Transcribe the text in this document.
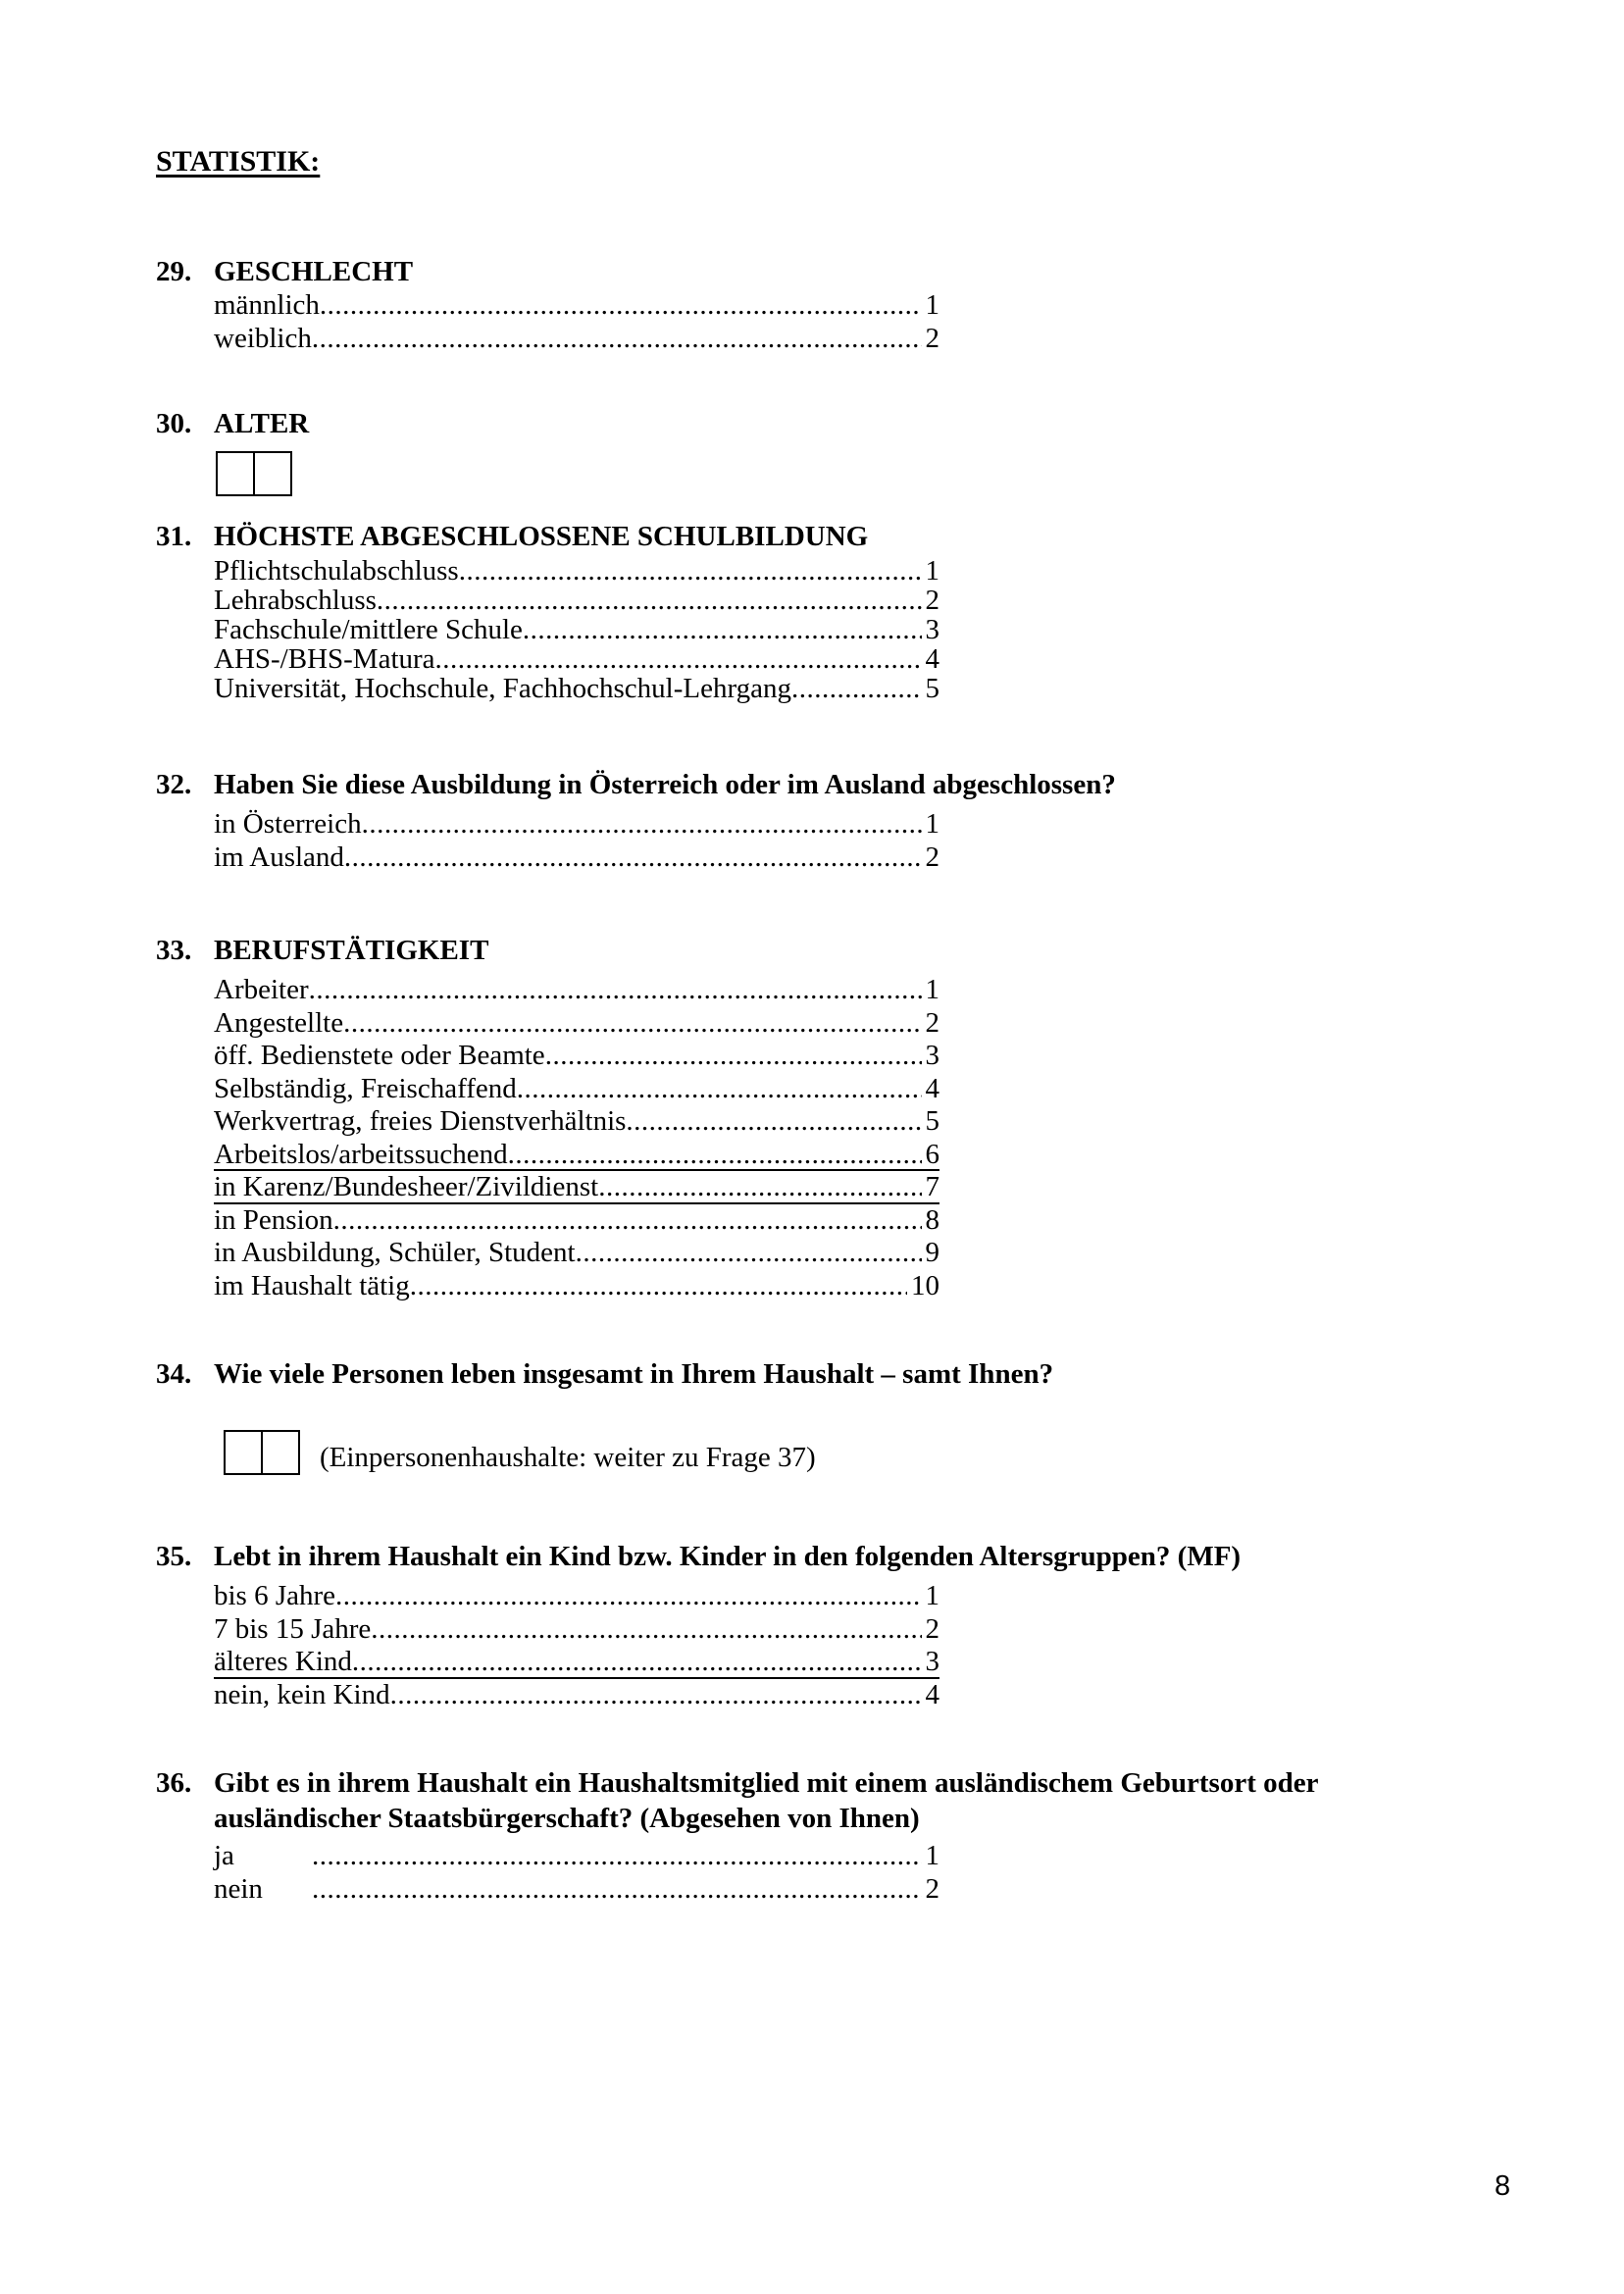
STATISTIK:
29. GESCHLECHT
männlich .....	1
weiblich .....	2
30. ALTER
31. HÖCHSTE ABGESCHLOSSENE SCHULBILDUNG
Pflichtschulabschluss .....	1
Lehrabschluss .....	2
Fachschule/mittlere Schule .....	3
AHS-/BHS-Matura .....	4
Universität, Hochschule, Fachhochschul-Lehrgang .....	5
32. Haben Sie diese Ausbildung in Österreich oder im Ausland abgeschlossen?
in Österreich .....	1
im Ausland .....	2
33. BERUFSTÄTIGKEIT
Arbeiter .....	1
Angestellte .....	2
öff. Bedienstete oder Beamte .....	3
Selbständig, Freischaffend .....	4
Werkvertrag, freies Dienstverhältnis .....	5
Arbeitslos/arbeitssuchend .....	6
in Karenz/Bundesheer/Zivildienst .....	7
in Pension .....	8
in Ausbildung, Schüler, Student .....	9
im Haushalt tätig .....	10
34. Wie viele Personen leben insgesamt in Ihrem Haushalt – samt Ihnen?
(Einpersonenhaushalte: weiter zu Frage 37)
35. Lebt in ihrem Haushalt ein Kind bzw. Kinder in den folgenden Altersgruppen? (MF)
bis 6 Jahre .....	1
7 bis 15 Jahre .....	2
älteres Kind .....	3
nein, kein Kind .....	4
36. Gibt es in ihrem Haushalt ein Haushaltsmitglied mit einem ausländischem Geburtsort oder ausländischer Staatsbürgerschaft? (Abgesehen von Ihnen)
ja .....	1
nein .....	2
8
